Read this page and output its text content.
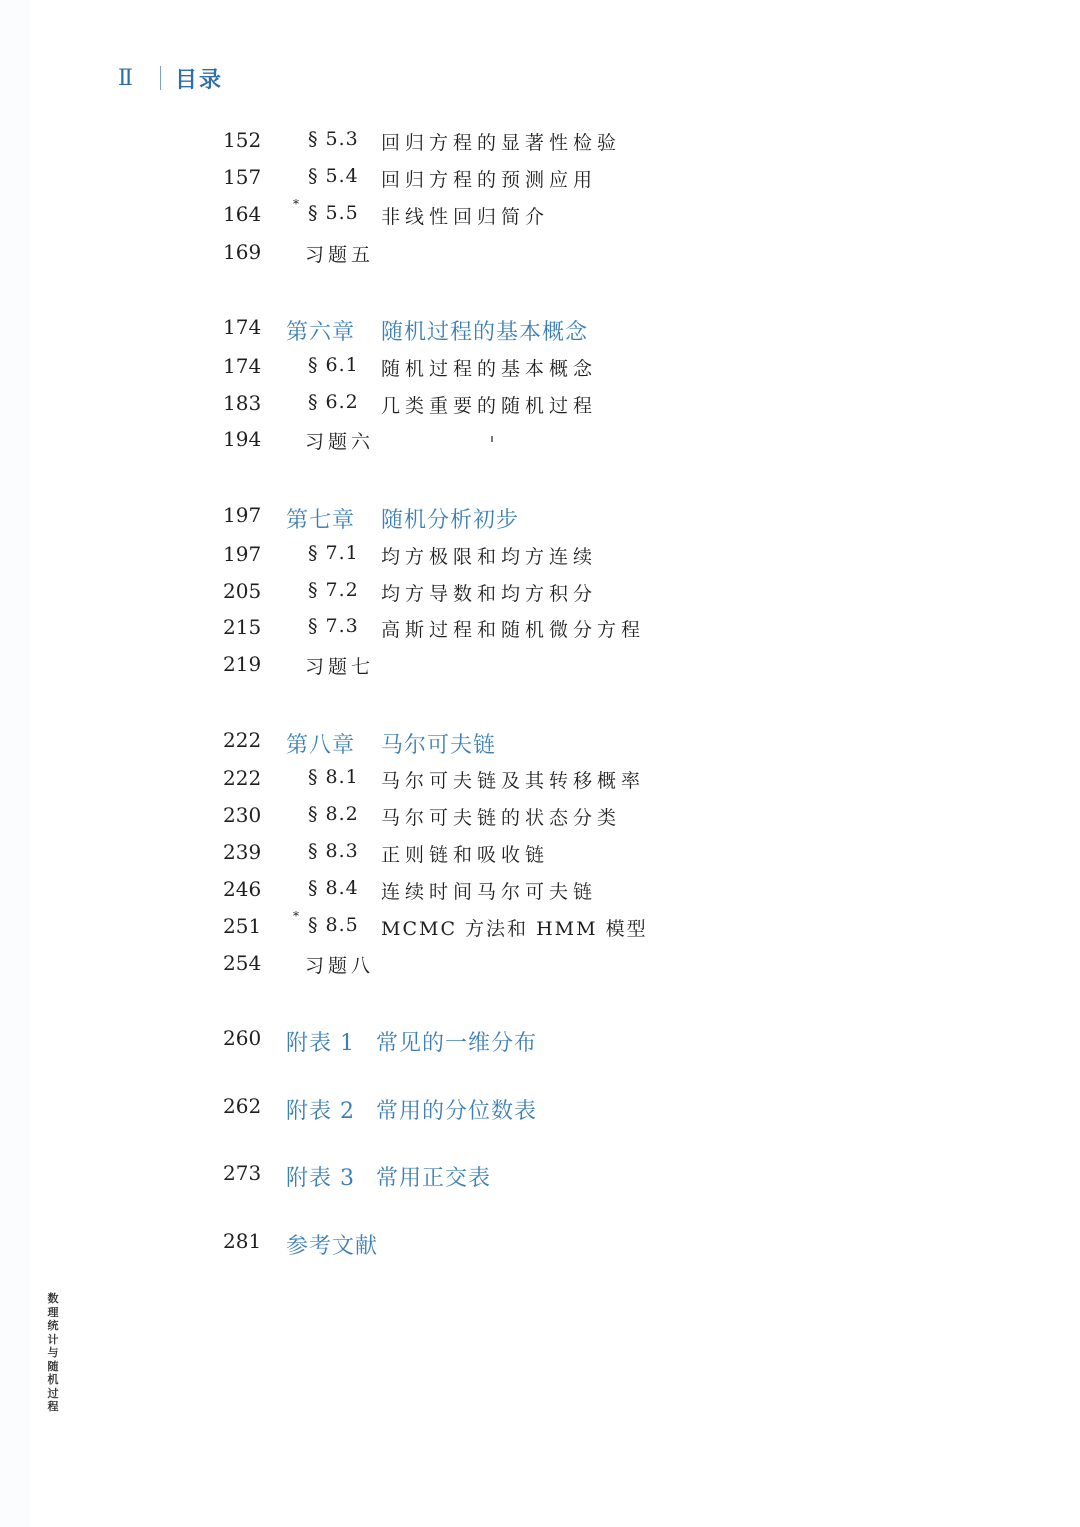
Ⅱ	目录
152 § 5.3 回归方程的显著性检验
157 § 5.4 回归方程的预测应用
164	* § 5.5 非线性回归简介
169 习题五
174 第六章 随机过程的基本概念
174 § 6.1 随机过程的基本概念
183 § 6.2 几类重要的随机过程
194 习题六
197 第七章 随机分析初步
197 § 7.1 均方极限和均方连续
205 § 7.2 均方导数和均方积分
215 § 7.3 高斯过程和随机微分方程
219 习题七
222 第八章 马尔可夫链
222 § 8.1 马尔可夫链及其转移概率
230 § 8.2 马尔可夫链的状态分类
239 § 8.3 正则链和吸收链
246 § 8.4 连续时间马尔可夫链
251	* § 8.5 MCMC 方法和 HMM 模型
254 习题八
260 附表 1 常见的一维分布
262 附表 2 常用的分位数表
273 附表 3 常用正交表
281 参考文献
数理统计与随机过程
